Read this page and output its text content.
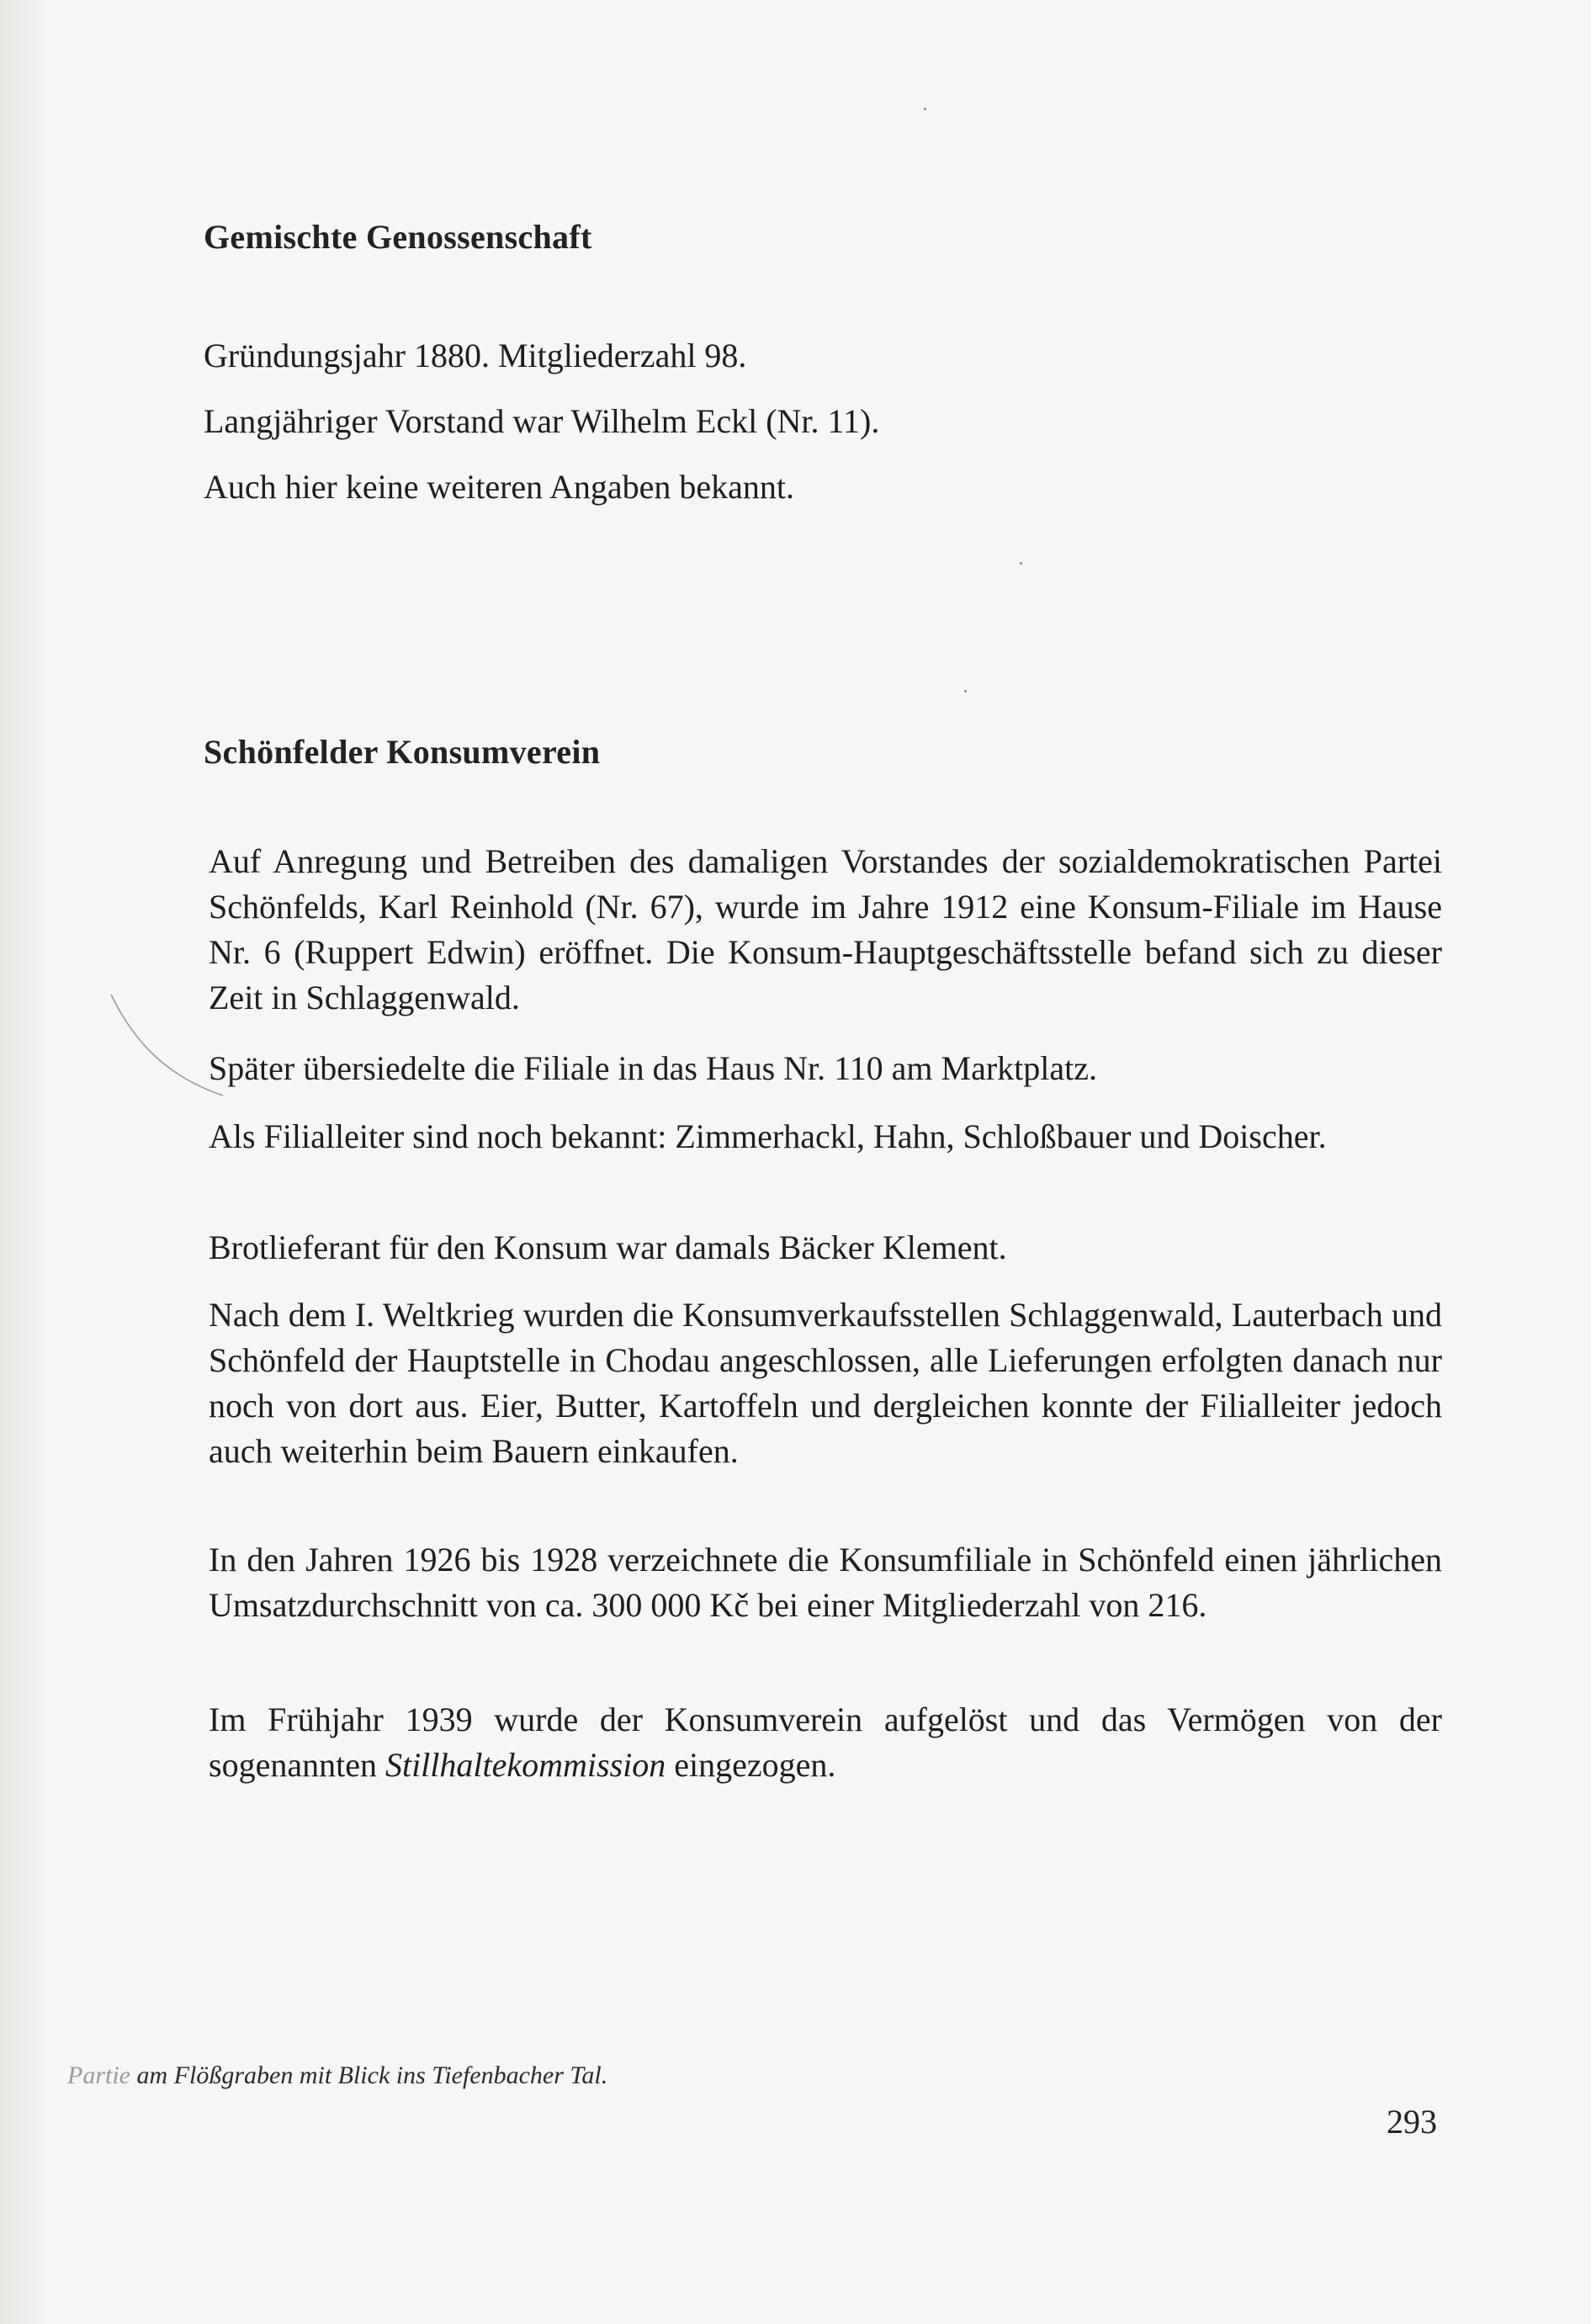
Gemischte Genossenschaft

Gründungsjahr 1880. Mitgliederzahl 98.

Langjähriger Vorstand war Wilhelm Eckl (Nr. 11).

Auch hier keine weiteren Angaben bekannt.

Schönfelder Konsumverein

Auf Anregung und Betreiben des damaligen Vorstandes der sozialdemokratischen Partei Schönfelds, Karl Reinhold (Nr. 67), wurde im Jahre 1912 eine Konsum-Filiale im Hause Nr. 6 (Ruppert Edwin) eröffnet. Die Konsum-Hauptgeschäftsstelle befand sich zu dieser Zeit in Schlaggenwald.

Später übersiedelte die Filiale in das Haus Nr. 110 am Marktplatz.

Als Filialleiter sind noch bekannt: Zimmerhackl, Hahn, Schloßbauer und Doischer.

Brotlieferant für den Konsum war damals Bäcker Klement.

Nach dem I. Weltkrieg wurden die Konsumverkaufsstellen Schlaggenwald, Lauterbach und Schönfeld der Hauptstelle in Chodau angeschlossen, alle Lieferungen erfolgten danach nur noch von dort aus. Eier, Butter, Kartoffeln und dergleichen konnte der Filialleiter jedoch auch weiterhin beim Bauern einkaufen.

In den Jahren 1926 bis 1928 verzeichnete die Konsumfiliale in Schönfeld einen jährlichen Umsatzdurchschnitt von ca. 300 000 Kč bei einer Mitgliederzahl von 216.

Im Frühjahr 1939 wurde der Konsumverein aufgelöst und das Vermögen von der sogenannten Stillhaltekommission eingezogen.

Partie am Flößgraben mit Blick ins Tiefenbacher Tal.

293
